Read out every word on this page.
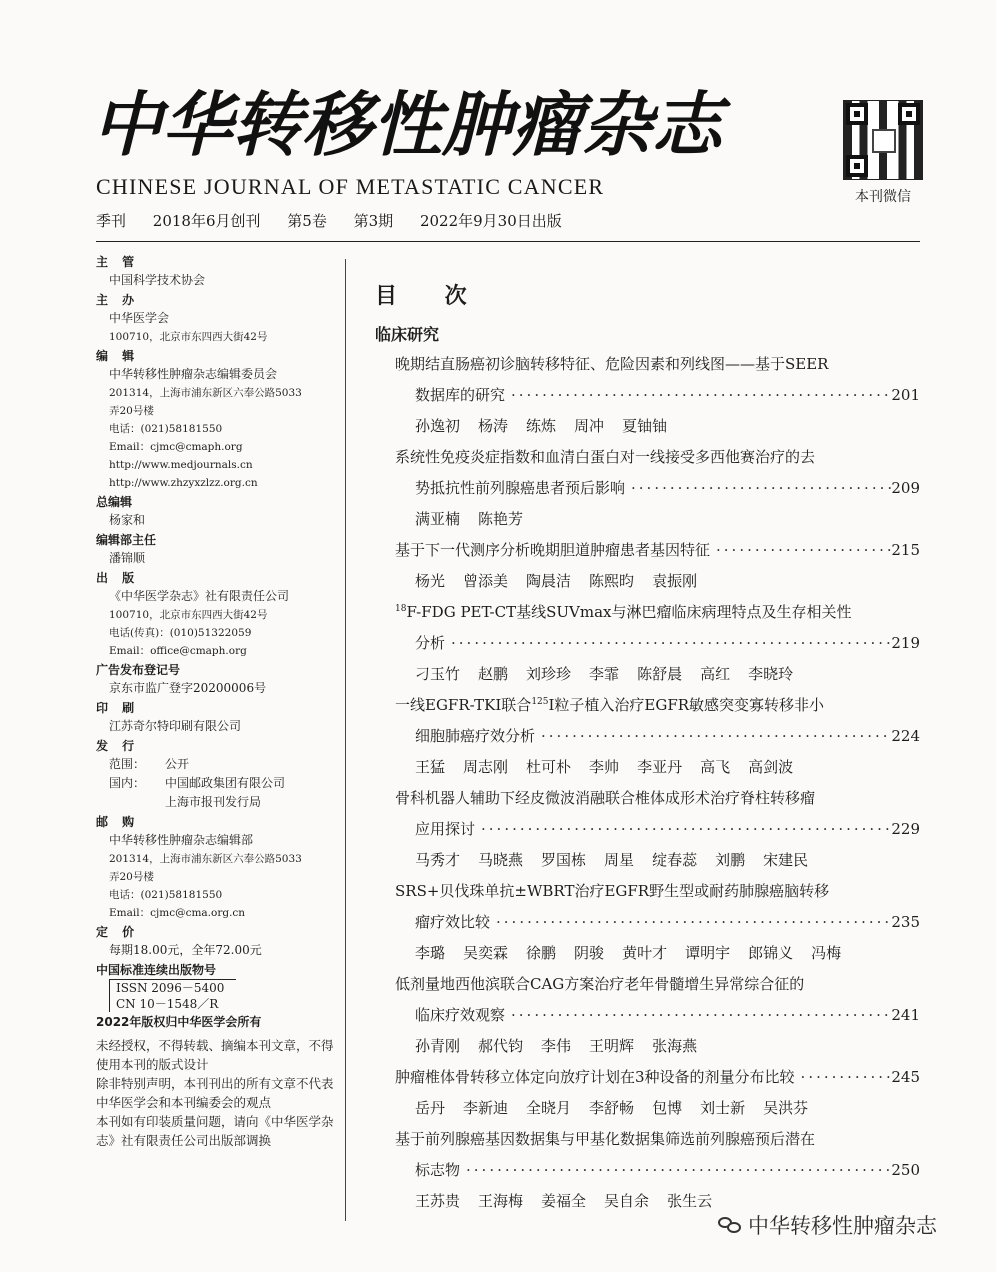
中华转移性肿瘤杂志
CHINESE JOURNAL OF METASTATIC CANCER
季刊 2018年6月创刊 第5卷 第3期 2022年9月30日出版
本刊微信
主 管
中国科学技术协会
主 办
中华医学会
100710，北京市东四西大街42号
编 辑
中华转移性肿瘤杂志编辑委员会
201314，上海市浦东新区六奉公路5033
弄20号楼
电话：(021)58181550
Email：cjmc@cmaph.org
http://www.medjournals.cn
http://www.zhzyxzlzz.org.cn
总编辑
杨家和
编辑部主任
潘锦顺
出 版
《中华医学杂志》社有限责任公司
100710，北京市东四西大街42号
电话(传真)：(010)51322059
Email：office@cmaph.org
广告发布登记号
京东市监广登字20200006号
印 刷
江苏奇尔特印刷有限公司
发 行
范围：	公开
国内：	中国邮政集团有限公司
上海市报刊发行局
邮 购
中华转移性肿瘤杂志编辑部
201314，上海市浦东新区六奉公路5033
弄20号楼
电话：(021)58181550
Email：cjmc@cma.org.cn
定 价
每期18.00元，全年72.00元
中国标准连续出版物号
ISSN 2096－5400
CN 10－1548／R
2022年版权归中华医学会所有

未经授权，不得转载、摘编本刊文章，不得使用本刊的版式设计

除非特别声明，本刊刊出的所有文章不代表中华医学会和本刊编委会的观点

本刊如有印装质量问题，请向《中华医学杂志》社有限责任公司出版部调换

目 次
临床研究
晚期结直肠癌初诊脑转移特征、危险因素和列线图——基于SEER
数据库的研究 ·····	201
孙逸初 杨涛 练炼 周冲 夏铀铀
系统性免疫炎症指数和血清白蛋白对一线接受多西他赛治疗的去
势抵抗性前列腺癌患者预后影响 ·····	209
满亚楠 陈艳芳
基于下一代测序分析晚期胆道肿瘤患者基因特征 ·····	215
杨光 曾添美 陶晨洁 陈熙昀 袁振刚
$^{18}$F-FDG PET-CT基线SUVmax与淋巴瘤临床病理特点及生存相关性
分析 ·····	219
刁玉竹 赵鹏 刘珍珍 李霏 陈舒晨 高红 李晓玲
一线EGFR-TKI联合$^{125}$I粒子植入治疗EGFR敏感突变寡转移非小
细胞肺癌疗效分析 ·····	224
王猛 周志刚 杜可朴 李帅 李亚丹 高飞 高剑波
骨科机器人辅助下经皮微波消融联合椎体成形术治疗脊柱转移瘤
应用探讨 ·····	229
马秀才 马晓燕 罗国栋 周星 绽春蕊 刘鹏 宋建民
SRS+贝伐珠单抗±WBRT治疗EGFR野生型或耐药肺腺癌脑转移
瘤疗效比较 ·····	235
李璐 吴奕霖 徐鹏 阴骏 黄叶才 谭明宇 郎锦义 冯梅
低剂量地西他滨联合CAG方案治疗老年骨髓增生异常综合征的
临床疗效观察 ·····	241
孙青刚 郝代钧 李伟 王明辉 张海燕
肿瘤椎体骨转移立体定向放疗计划在3种设备的剂量分布比较 ·····	245
岳丹 李新迪 全晓月 李舒畅 包博 刘士新 吴洪芬
基于前列腺癌基因数据集与甲基化数据集筛选前列腺癌预后潜在
标志物 ·····	250
王苏贵 王海梅 姜福全 吴自余 张生云
中华转移性肿瘤杂志
